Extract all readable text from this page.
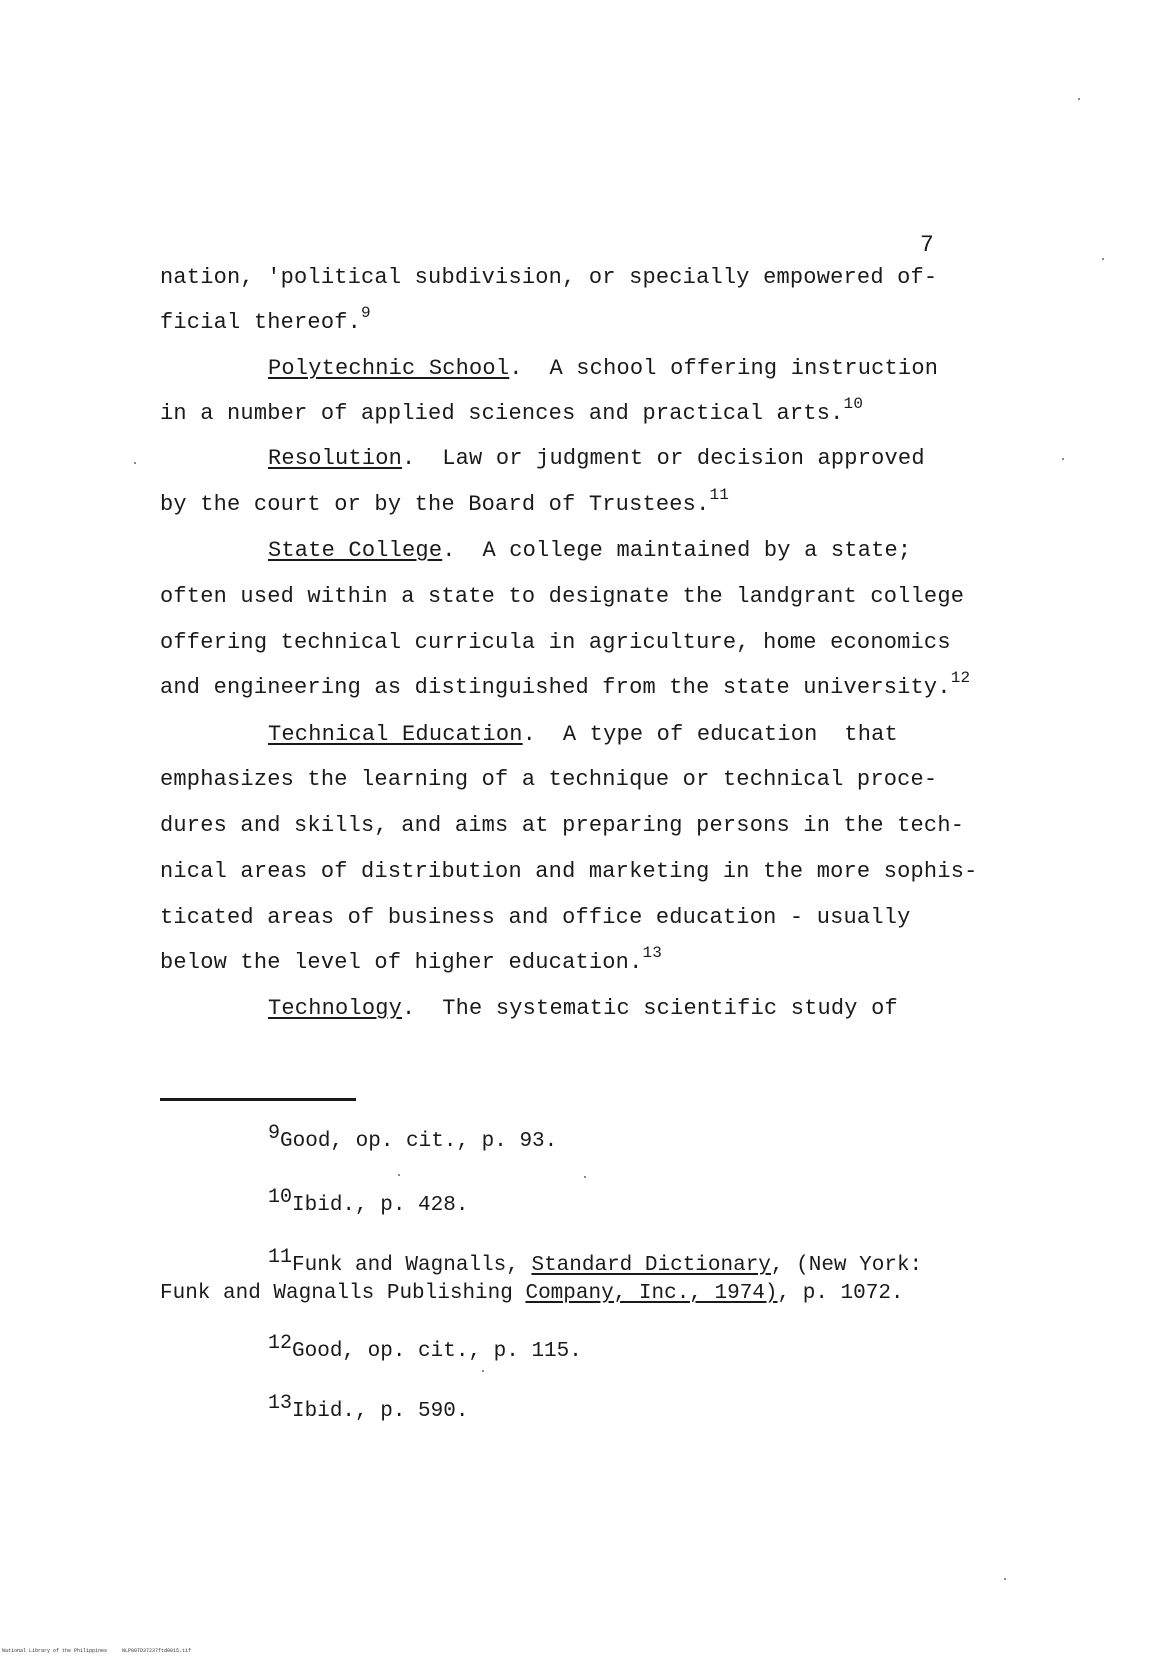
7
nation, 'political subdivision, or specially empowered of-
ficial thereof.$^9$
Polytechnic School.  A school offering instruction
in a number of applied sciences and practical arts.$^{10}$
Resolution.  Law or judgment or decision approved
by the court or by the Board of Trustees.$^{11}$
State College.  A college maintained by a state;
often used within a state to designate the landgrant college
offering technical curricula in agriculture, home economics
and engineering as distinguished from the state university.$^{12}$
Technical Education.  A type of education  that
emphasizes the learning of a technique or technical proce-
dures and skills, and aims at preparing persons in the tech-
nical areas of distribution and marketing in the more sophis-
ticated areas of business and office education - usually
below the level of higher education.$^{13}$
Technology.  The systematic scientific study of
$^9$Good, op. cit., p. 93.
$^{10}$Ibid., p. 428.
$^{11}$Funk and Wagnalls, Standard Dictionary, (New York:
Funk and Wagnalls Publishing Company, Inc., 1974), p. 1072.
$^{12}$Good, op. cit., p. 115.
$^{13}$Ibid., p. 590.
National Library of the Philippines     NLP00TD37237ftd0015.tif
